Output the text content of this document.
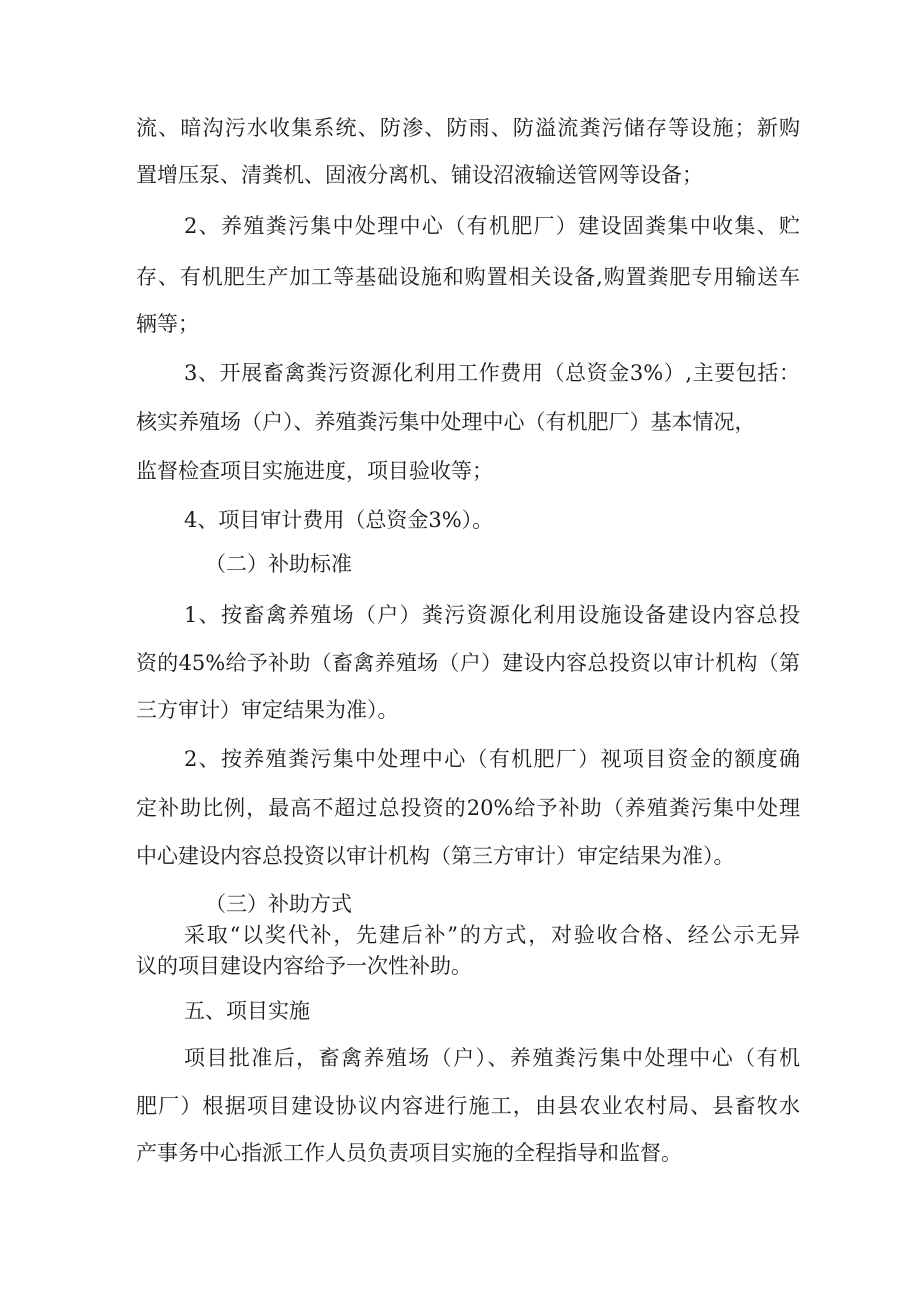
流、暗沟污水收集系统、防渗、防雨、防溢流粪污储存等设施；新购
置增压泵、清粪机、固液分离机、铺设沼液输送管网等设备；
2、养殖粪污集中处理中心（有机肥厂）建设固粪集中收集、贮
存、有机肥生产加工等基础设施和购置相关设备,购置粪肥专用输送车
辆等；
3、开展畜禽粪污资源化利用工作费用（总资金3%）,主要包括：
核实养殖场（户）、养殖粪污集中处理中心（有机肥厂）基本情况，
监督检查项目实施进度，项目验收等；
4、项目审计费用（总资金3%）。
（二）补助标准
1、按畜禽养殖场（户）粪污资源化利用设施设备建设内容总投
资的45%给予补助（畜禽养殖场（户）建设内容总投资以审计机构（第
三方审计）审定结果为准）。
2、按养殖粪污集中处理中心（有机肥厂）视项目资金的额度确
定补助比例，最高不超过总投资的20%给予补助（养殖粪污集中处理
中心建设内容总投资以审计机构（第三方审计）审定结果为准）。
（三）补助方式
采取“以奖代补，先建后补”的方式，对验收合格、经公示无异
议的项目建设内容给予一次性补助。
五、项目实施
项目批准后，畜禽养殖场（户）、养殖粪污集中处理中心（有机
肥厂）根据项目建设协议内容进行施工，由县农业农村局、县畜牧水
产事务中心指派工作人员负责项目实施的全程指导和监督。
